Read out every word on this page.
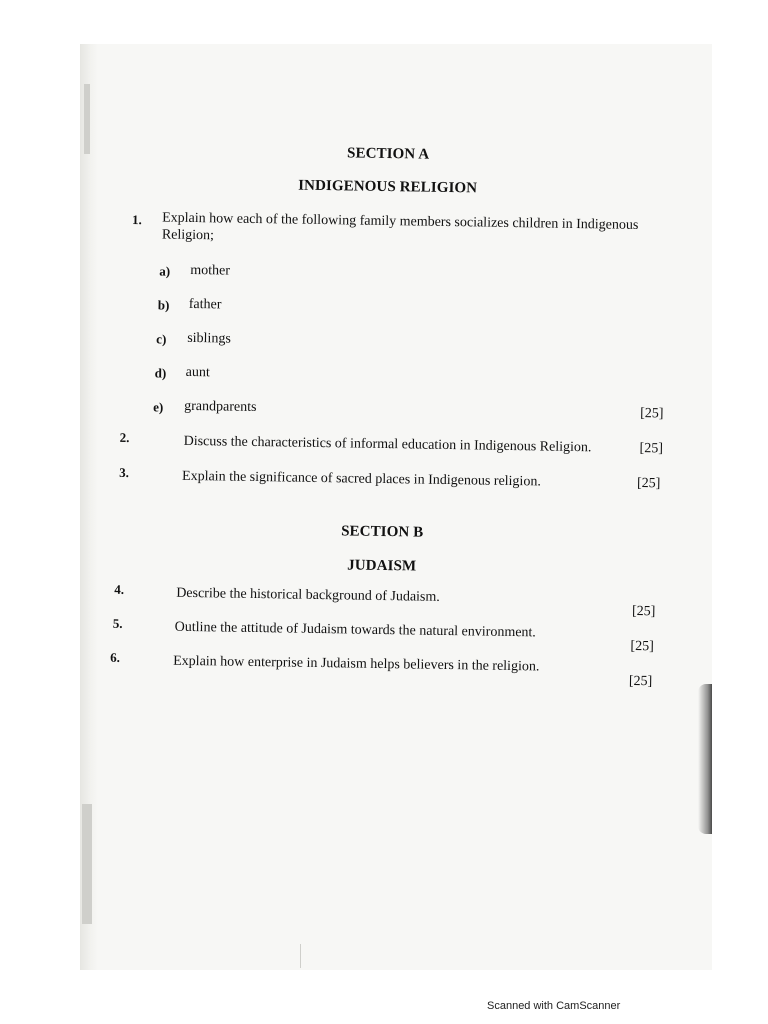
SECTION A
INDIGENOUS RELIGION
1. Explain how each of the following family members socializes children in Indigenous Religion;
a) mother
b) father
c) siblings
d) aunt
e) grandparents	[25]
2.	Discuss the characteristics of informal education in Indigenous Religion.	[25]
3.	Explain the significance of sacred places in Indigenous religion.	[25]
SECTION B
JUDAISM
4.	Describe the historical background of Judaism.
[25]
5.	Outline the attitude of Judaism towards the natural environment.
[25]
6.	Explain how enterprise in Judaism helps believers in the religion.
[25]
Scanned with CamScanner
